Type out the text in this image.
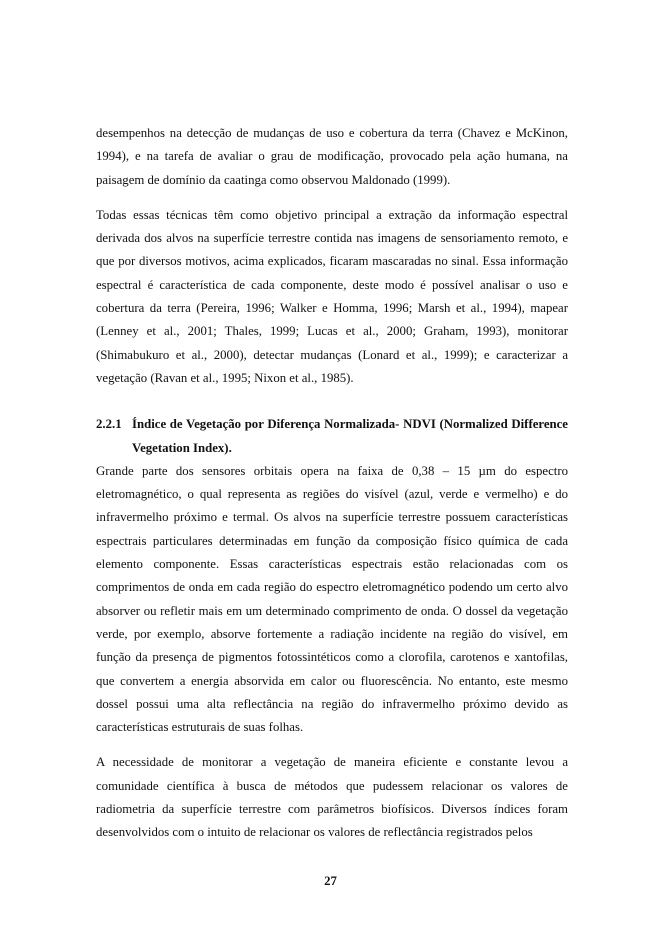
desempenhos na detecção de mudanças de uso e cobertura da terra (Chavez e McKinon, 1994), e na tarefa de avaliar o grau de modificação, provocado pela ação humana, na paisagem de domínio da caatinga como observou Maldonado (1999).

Todas essas técnicas têm como objetivo principal a extração da informação espectral derivada dos alvos na superfície terrestre contida nas imagens de sensoriamento remoto, e que por diversos motivos, acima explicados, ficaram mascaradas no sinal. Essa informação espectral é característica de cada componente, deste modo é possível analisar o uso e cobertura da terra (Pereira, 1996; Walker e Homma, 1996; Marsh et al., 1994), mapear (Lenney et al., 2001; Thales, 1999; Lucas et al., 2000; Graham, 1993), monitorar (Shimabukuro et al., 2000), detectar mudanças (Lonard et al., 1999); e caracterizar a vegetação (Ravan et al., 1995; Nixon et al., 1985).

2.2.1 Índice de Vegetação por Diferença Normalizada- NDVI (Normalized Difference Vegetation Index).

Grande parte dos sensores orbitais opera na faixa de 0,38 – 15 µm do espectro eletromagnético, o qual representa as regiões do visível (azul, verde e vermelho) e do infravermelho próximo e termal. Os alvos na superfície terrestre possuem características espectrais particulares determinadas em função da composição físico química de cada elemento componente. Essas características espectrais estão relacionadas com os comprimentos de onda em cada região do espectro eletromagnético podendo um certo alvo absorver ou refletir mais em um determinado comprimento de onda. O dossel da vegetação verde, por exemplo, absorve fortemente a radiação incidente na região do visível, em função da presença de pigmentos fotossintéticos como a clorofila, carotenos e xantofilas, que convertem a energia absorvida em calor ou fluorescência. No entanto, este mesmo dossel possui uma alta reflectância na região do infravermelho próximo devido as características estruturais de suas folhas.

A necessidade de monitorar a vegetação de maneira eficiente e constante levou a comunidade científica à busca de métodos que pudessem relacionar os valores de radiometria da superfície terrestre com parâmetros biofísicos. Diversos índices foram desenvolvidos com o intuito de relacionar os valores de reflectância registrados pelos

27
